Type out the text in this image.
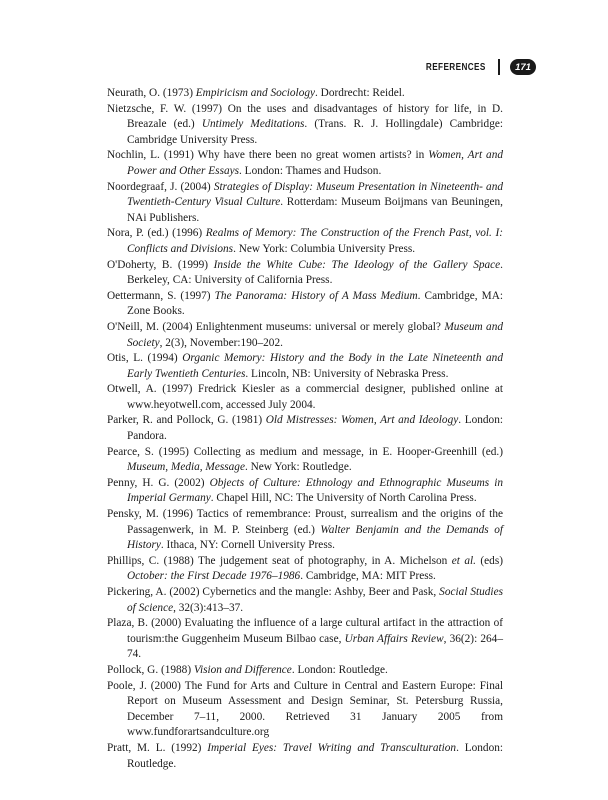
REFERENCES	171

Neurath, O. (1973) Empiricism and Sociology. Dordrecht: Reidel.

Nietzsche, F. W. (1997) On the uses and disadvantages of history for life, in D. Breazale (ed.) Untimely Meditations. (Trans. R. J. Hollingdale) Cambridge: Cambridge University Press.

Nochlin, L. (1991) Why have there been no great women artists? in Women, Art and Power and Other Essays. London: Thames and Hudson.

Noordegraaf, J. (2004) Strategies of Display: Museum Presentation in Nineteenth- and Twentieth-Century Visual Culture. Rotterdam: Museum Boijmans van Beuningen, NAi Publishers.

Nora, P. (ed.) (1996) Realms of Memory: The Construction of the French Past, vol. I: Conflicts and Divisions. New York: Columbia University Press.

O'Doherty, B. (1999) Inside the White Cube: The Ideology of the Gallery Space. Berkeley, CA: University of California Press.

Oettermann, S. (1997) The Panorama: History of A Mass Medium. Cambridge, MA: Zone Books.

O'Neill, M. (2004) Enlightenment museums: universal or merely global? Museum and Society, 2(3), November:190–202.

Otis, L. (1994) Organic Memory: History and the Body in the Late Nineteenth and Early Twentieth Centuries. Lincoln, NB: University of Nebraska Press.

Otwell, A. (1997) Fredrick Kiesler as a commercial designer, published online at www.heyotwell.com, accessed July 2004.

Parker, R. and Pollock, G. (1981) Old Mistresses: Women, Art and Ideology. London: Pandora.

Pearce, S. (1995) Collecting as medium and message, in E. Hooper-Greenhill (ed.) Museum, Media, Message. New York: Routledge.

Penny, H. G. (2002) Objects of Culture: Ethnology and Ethnographic Museums in Imperial Germany. Chapel Hill, NC: The University of North Carolina Press.

Pensky, M. (1996) Tactics of remembrance: Proust, surrealism and the origins of the Passagenwerk, in M. P. Steinberg (ed.) Walter Benjamin and the Demands of History. Ithaca, NY: Cornell University Press.

Phillips, C. (1988) The judgement seat of photography, in A. Michelson et al. (eds) October: the First Decade 1976–1986. Cambridge, MA: MIT Press.

Pickering, A. (2002) Cybernetics and the mangle: Ashby, Beer and Pask, Social Studies of Science, 32(3):413–37.

Plaza, B. (2000) Evaluating the influence of a large cultural artifact in the attraction of tourism:the Guggenheim Museum Bilbao case, Urban Affairs Review, 36(2): 264–74.

Pollock, G. (1988) Vision and Difference. London: Routledge.

Poole, J. (2000) The Fund for Arts and Culture in Central and Eastern Europe: Final Report on Museum Assessment and Design Seminar, St. Petersburg Russia, December 7–11, 2000. Retrieved 31 January 2005 from www.fundforartsandculture.org

Pratt, M. L. (1992) Imperial Eyes: Travel Writing and Transculturation. London: Routledge.
